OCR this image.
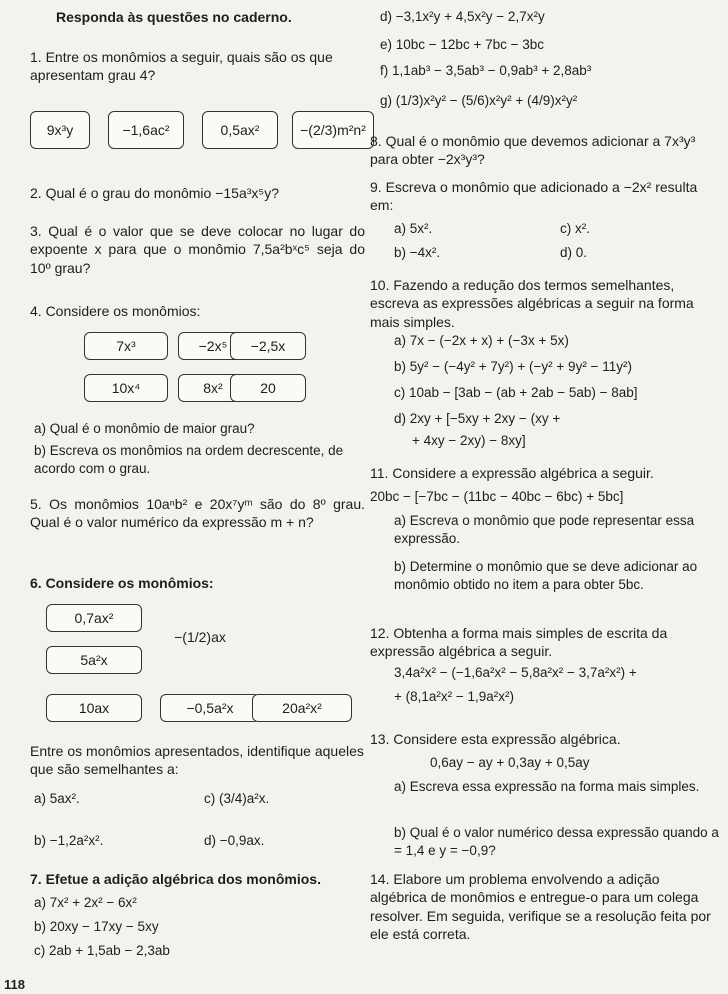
Responda às questões no caderno.
1. Entre os monômios a seguir, quais são os que apresentam grau 4?
9x³y	−1,6ac²	0,5ax²	−(2/3)m²n²
2. Qual é o grau do monômio −15a³x⁵y?
3. Qual é o valor que se deve colocar no lugar do expoente x para que o monômio 7,5a²bˣc⁵ seja do 10º grau?
4. Considere os monômios:
7x³	−2x⁵ −2,5x
10x⁴	8x²	20
a) Qual é o monômio de maior grau?
b) Escreva os monômios na ordem decrescente, de acordo com o grau.
5. Os monômios 10aⁿb² e 20x⁷yᵐ são do 8º grau. Qual é o valor numérico da expressão m + n?
6. Considere os monômios:
0,7ax²
−(1/2)ax
5a²x
10ax	−0,5a²x	20a²x²
Entre os monômios apresentados, identifique aqueles que são semelhantes a:
a) 5ax².	c) (3/4)a²x.
b) −1,2a²x².	d) −0,9ax.
7. Efetue a adição algébrica dos monômios.
a) 7x² + 2x² − 6x²
b) 20xy − 17xy − 5xy
c) 2ab + 1,5ab − 2,3ab
118
d) −3,1x²y + 4,5x²y − 2,7x²y
e) 10bc − 12bc + 7bc − 3bc
f) 1,1ab³ − 3,5ab³ − 0,9ab³ + 2,8ab³
g) (1/3)x²y² − (5/6)x²y² + (4/9)x²y²
8. Qual é o monômio que devemos adicionar a 7x³y³ para obter −2x³y³?
9. Escreva o monômio que adicionado a −2x² resulta em:
a) 5x².	c) x².
b) −4x².	d) 0.
10. Fazendo a redução dos termos semelhantes, escreva as expressões algébricas a seguir na forma mais simples.
a) 7x − (−2x + x) + (−3x + 5x)
b) 5y² − (−4y² + 7y²) + (−y² + 9y² − 11y²)
c) 10ab − [3ab − (ab + 2ab − 5ab) − 8ab]
d) 2xy + [−5xy + 2xy − (xy +
+ 4xy − 2xy) − 8xy]
11. Considere a expressão algébrica a seguir.
20bc − [−7bc − (11bc − 40bc − 6bc) + 5bc]
a) Escreva o monômio que pode representar essa expressão.
b) Determine o monômio que se deve adicionar ao monômio obtido no item a para obter 5bc.
12. Obtenha a forma mais simples de escrita da expressão algébrica a seguir.
3,4a²x² − (−1,6a²x² − 5,8a²x² − 3,7a²x²) +
+ (8,1a²x² − 1,9a²x²)
13. Considere esta expressão algébrica.
0,6ay − ay + 0,3ay + 0,5ay
a) Escreva essa expressão na forma mais simples.
b) Qual é o valor numérico dessa expressão quando a = 1,4 e y = −0,9?
14. Elabore um problema envolvendo a adição algébrica de monômios e entregue-o para um colega resolver. Em seguida, verifique se a resolução feita por ele está correta.
